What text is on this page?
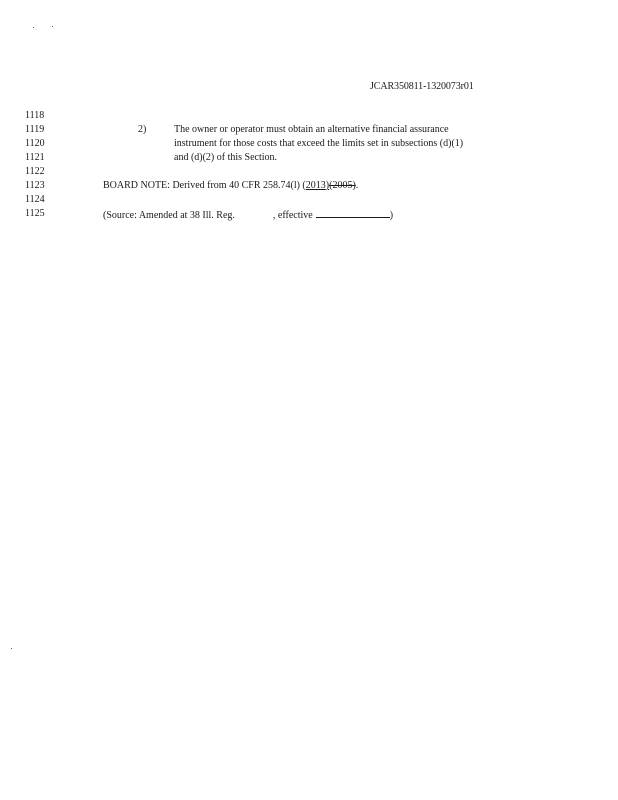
JCAR350811-1320073r01
1118
1119
1120
1121
1122
1123
1124
1125
2)	The owner or operator must obtain an alternative financial assurance
instrument for those costs that exceed the limits set in subsections (d)(1)
and (d)(2) of this Section.
BOARD NOTE: Derived from 40 CFR 258.74(l) (2013)(2005).
(Source: Amended at 38 Ill. Reg.	, effective	)
